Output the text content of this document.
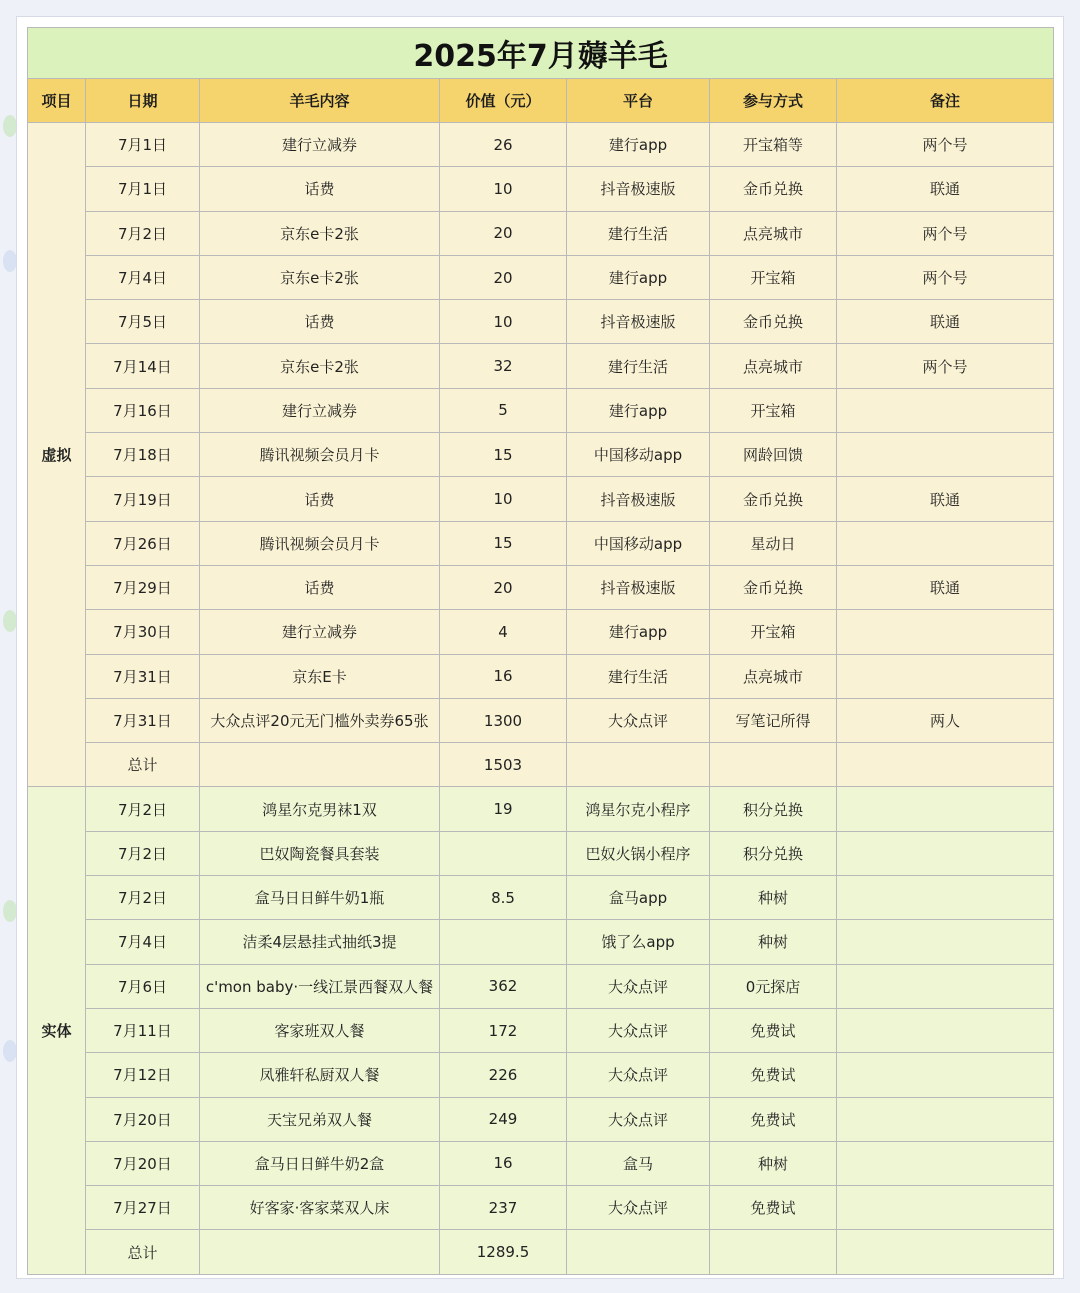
2025年7月薅羊毛						
项目	日期	羊毛内容	价值（元）	平台	参与方式	备注
虚拟	7月1日	建行立减券	26	建行app	开宝箱等	两个号
	7月1日	话费	10	抖音极速版	金币兑换	联通
	7月2日	京东e卡2张	20	建行生活	点亮城市	两个号
	7月4日	京东e卡2张	20	建行app	开宝箱	两个号
	7月5日	话费	10	抖音极速版	金币兑换	联通
	7月14日	京东e卡2张	32	建行生活	点亮城市	两个号
	7月16日	建行立减券	5	建行app	开宝箱	
	7月18日	腾讯视频会员月卡	15	中国移动app	网龄回馈	
	7月19日	话费	10	抖音极速版	金币兑换	联通
	7月26日	腾讯视频会员月卡	15	中国移动app	星动日	
	7月29日	话费	20	抖音极速版	金币兑换	联通
	7月30日	建行立减券	4	建行app	开宝箱	
	7月31日	京东E卡	16	建行生活	点亮城市	
	7月31日	大众点评20元无门槛外卖券65张	1300	大众点评	写笔记所得	两人
	总计		1503			
实体	7月2日	鸿星尔克男袜1双	19	鸿星尔克小程序	积分兑换	
	7月2日	巴奴陶瓷餐具套装		巴奴火锅小程序	积分兑换	
	7月2日	盒马日日鲜牛奶1瓶	8.5	盒马app	种树	
	7月4日	洁柔4层悬挂式抽纸3提		饿了么app	种树	
	7月6日	c'mon baby·一线江景西餐双人餐	362	大众点评	0元探店	
	7月11日	客家班双人餐	172	大众点评	免费试	
	7月12日	凤雅轩私厨双人餐	226	大众点评	免费试	
	7月20日	天宝兄弟双人餐	249	大众点评	免费试	
	7月20日	盒马日日鲜牛奶2盒	16	盒马	种树	
	7月27日	好客家·客家菜双人床	237	大众点评	免费试	
	总计		1289.5			
